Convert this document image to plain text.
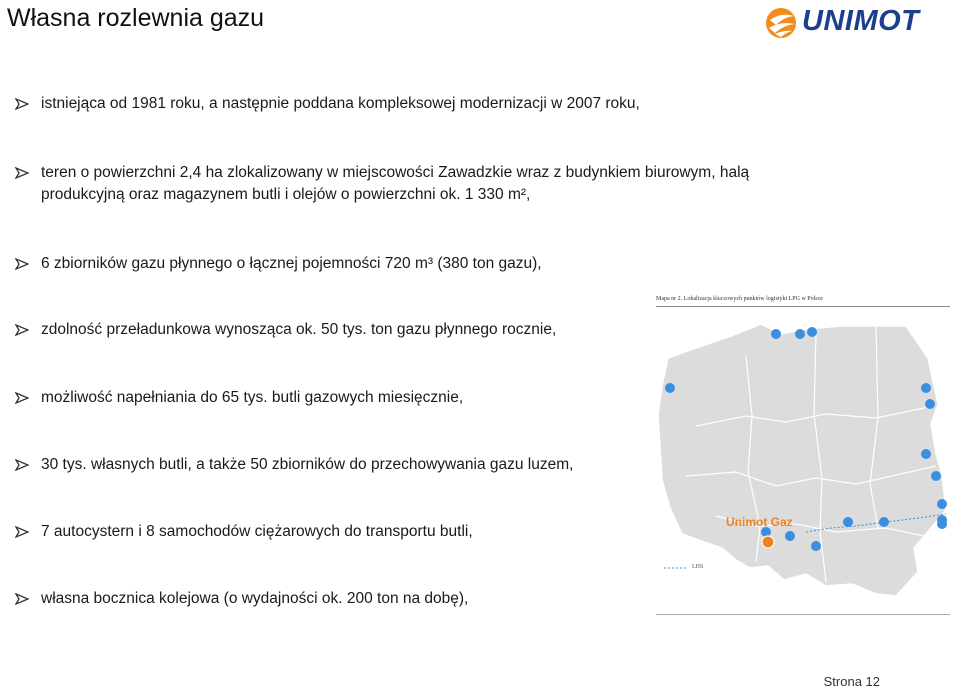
Własna rozlewnia gazu	UNIMOT
istniejąca od 1981 roku, a następnie poddana kompleksowej modernizacji w 2007 roku,
teren o powierzchni 2,4 ha zlokalizowany w miejscowości Zawadzkie wraz z budynkiem biurowym, halą
produkcyjną oraz magazynem butli i olejów o powierzchni ok. 1 330 m²,
6 zbiorników gazu płynnego o łącznej pojemności 720 m³ (380 ton gazu),
zdolność przeładunkowa wynosząca ok. 50 tys. ton gazu płynnego rocznie,
możliwość napełniania do 65 tys. butli gazowych miesięcznie,
30 tys. własnych butli, a także 50 zbiorników do przechowywania gazu luzem,
7 autocystern i 8 samochodów ciężarowych do transportu butli,
własna bocznica kolejowa (o wydajności ok. 200 ton na dobę),
Mapa nr 2. Lokalizacja kluczowych punktów logistyki LPG w Polsce
Unimot Gaz
LHS
Strona 12
